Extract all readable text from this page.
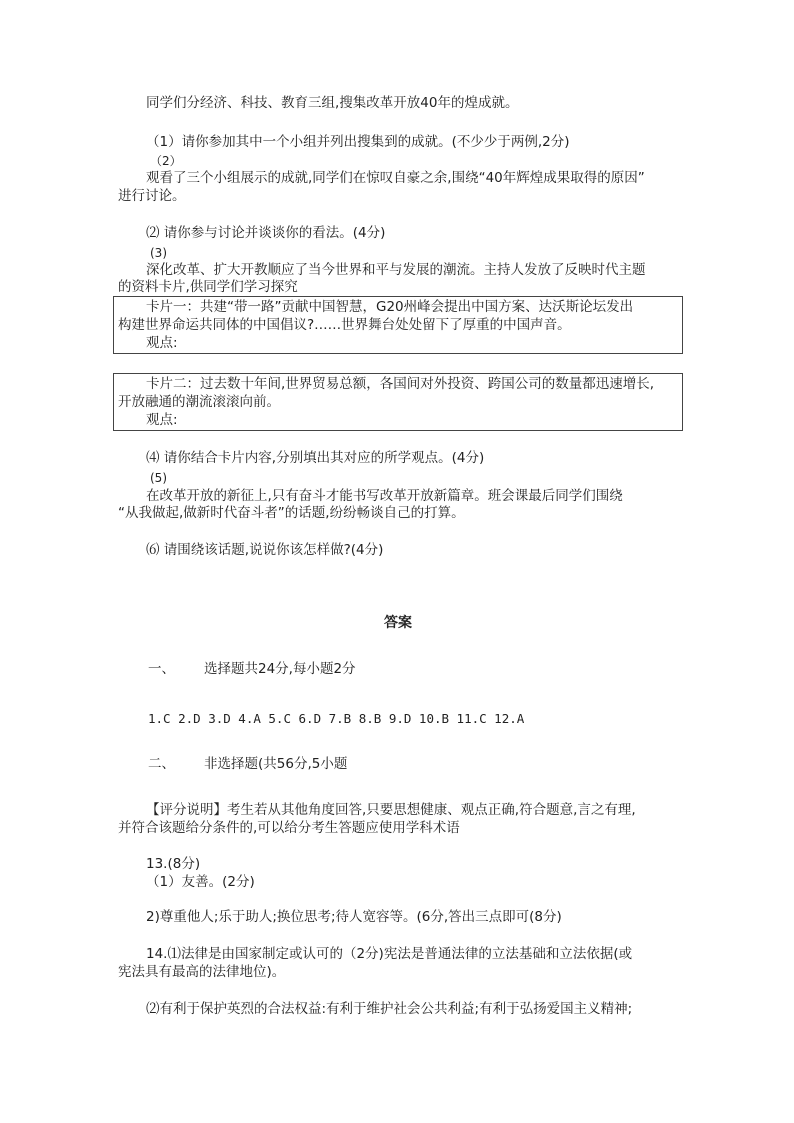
同学们分经济、科技、教育三组,搜集改革开放40年的煌成就。
（1）请你参加其中一个小组并列出搜集到的成就。(不少少于两例,2分)
（2）
观看了三个小组展示的成就,同学们在惊叹自豪之余,围绕“40年辉煌成果取得的原因”
进行讨论。
⑵ 请你参与讨论并谈谈你的看法。(4分)
(3)
深化改革、扩大开教顺应了当今世界和平与发展的潮流。主持人发放了反映时代主题
的资料卡片,供同学们学习探究
卡片一：共建“带一路”贡献中国智慧，G20州峰会提出中国方案、达沃斯论坛发出
构建世界命运共同体的中国倡议?……世界舞台处处留下了厚重的中国声音。
观点:
卡片二：过去数十年间,世界贸易总额，各国间对外投资、跨国公司的数量都迅速增长,
开放融通的潮流滚滚向前。
观点:
⑷ 请你结合卡片内容,分别填出其对应的所学观点。(4分)
(5)
在改革开放的新征上,只有奋斗才能书写改革开放新篇章。班会课最后同学们围绕
“从我做起,做新时代奋斗者”的话题,纷纷畅谈自己的打算。
⑹ 请围绕该话题,说说你该怎样做?(4分)
答案
一、 选择题共24分,每小题2分
1.C 2.D 3.D 4.A 5.C 6.D 7.B 8.B 9.D 10.B 11.C 12.A
二、 非选择题(共56分,5小题
【评分说明】考生若从其他角度回答,只要思想健康、观点正确,符合题意,言之有理,
并符合该题给分条件的,可以给分考生答题应使用学科术语
13.(8分)
（1）友善。(2分)
2)尊重他人;乐于助人;换位思考;待人宽容等。(6分,答出三点即可(8分)
14.⑴法律是由国家制定或认可的（2分)宪法是普通法律的立法基础和立法依据(或
宪法具有最高的法律地位)。
⑵有利于保护英烈的合法权益:有利于维护社会公共利益;有利于弘扬爱国主义精神;
